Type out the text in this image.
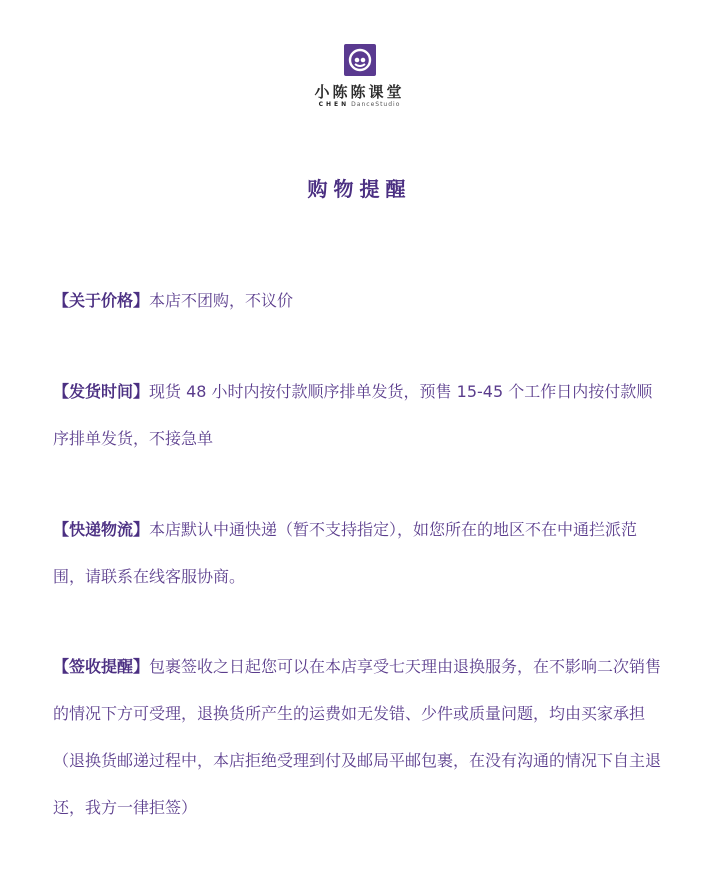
小陈陈课堂
CHEN DanceStudio
购物提醒
【关于价格】本店不团购，不议价
【发货时间】现货 48 小时内按付款顺序排单发货，预售 15-45 个工作日内按付款顺序排单发货，不接急单
【快递物流】本店默认中通快递（暂不支持指定），如您所在的地区不在中通拦派范围，请联系在线客服协商。
【签收提醒】包裹签收之日起您可以在本店享受七天理由退换服务，在不影响二次销售的情况下方可受理，退换货所产生的运费如无发错、少件或质量问题，均由买家承担（退换货邮递过程中，本店拒绝受理到付及邮局平邮包裹，在没有沟通的情况下自主退还，我方一律拒签）
